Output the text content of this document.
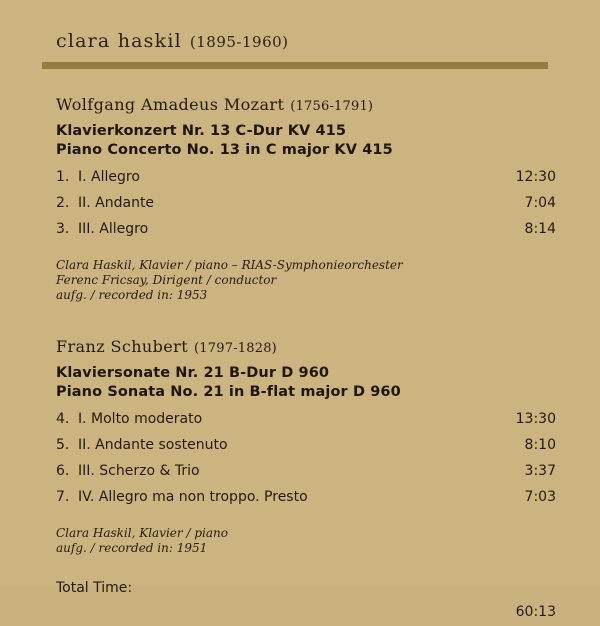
clara haskil (1895-1960)
Wolfgang Amadeus Mozart (1756-1791)
Klavierkonzert Nr. 13 C-Dur KV 415
Piano Concerto No. 13 in C major KV 415
1. I. Allegro	12:30
2. II. Andante	7:04
3. III. Allegro	8:14
Clara Haskil, Klavier / piano – RIAS-Symphonieorchester
Ferenc Fricsay, Dirigent / conductor
aufg. / recorded in: 1953
Franz Schubert (1797-1828)
Klaviersonate Nr. 21 B-Dur D 960
Piano Sonata No. 21 in B-flat major D 960
4. I. Molto moderato	13:30
5. II. Andante sostenuto	8:10
6. III. Scherzo & Trio	3:37
7. IV. Allegro ma non troppo. Presto	7:03
Clara Haskil, Klavier / piano
aufg. / recorded in: 1951
Total Time:
60:13
